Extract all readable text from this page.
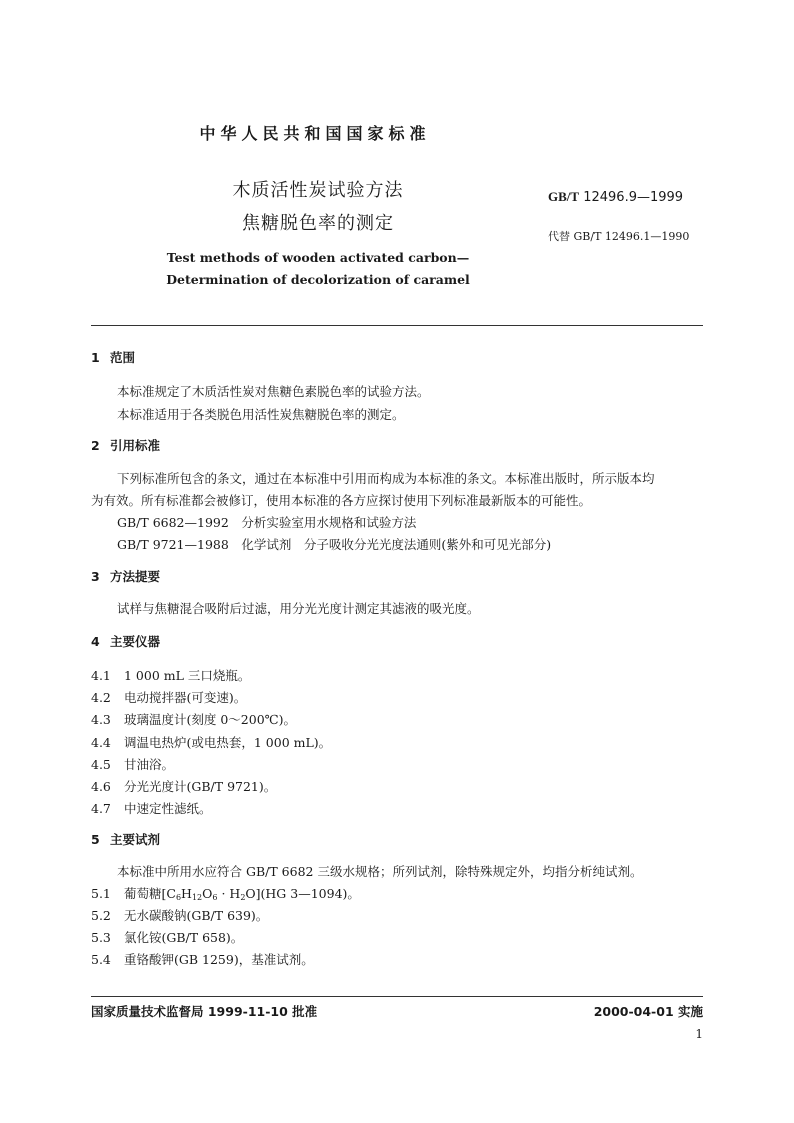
中华人民共和国国家标准
木质活性炭试验方法
焦糖脱色率的测定
GB/T 12496.9—1999
代替 GB/T 12496.1—1990
Test methods of wooden activated carbon—
Determination of decolorization of caramel
1 范围
本标准规定了木质活性炭对焦糖色素脱色率的试验方法。
本标准适用于各类脱色用活性炭焦糖脱色率的测定。
2 引用标准
下列标准所包含的条文，通过在本标准中引用而构成为本标准的条文。本标准出版时，所示版本均
为有效。所有标准都会被修订，使用本标准的各方应探讨使用下列标准最新版本的可能性。
GB/T 6682—1992　 分析实验室用水规格和试验方法
GB/T 9721—1988　 化学试剂　分子吸收分光光度法通则(紫外和可见光部分)
3 方法提要
试样与焦糖混合吸附后过滤，用分光光度计测定其滤液的吸光度。
4 主要仪器
4.1 1 000 mL 三口烧瓶。
4.2 电动搅拌器(可变速)。
4.3 玻璃温度计(刻度 0～200℃)。
4.4 调温电热炉(或电热套，1 000 mL)。
4.5 甘油浴。
4.6 分光光度计(GB/T 9721)。
4.7 中速定性滤纸。
5 主要试剂
本标准中所用水应符合 GB/T 6682 三级水规格；所列试剂，除特殊规定外，均指分析纯试剂。
5.1 葡萄糖$[C_6H_{12}O_6 \cdot H_2O](HG$ 3—1094)。
5.2 无水碳酸钠(GB/T 639)。
5.3 氯化铵(GB/T 658)。
5.4 重铬酸钾(GB 1259)，基准试剂。
国家质量技术监督局 1999-11-10 批准	2000-04-01 实施
1
